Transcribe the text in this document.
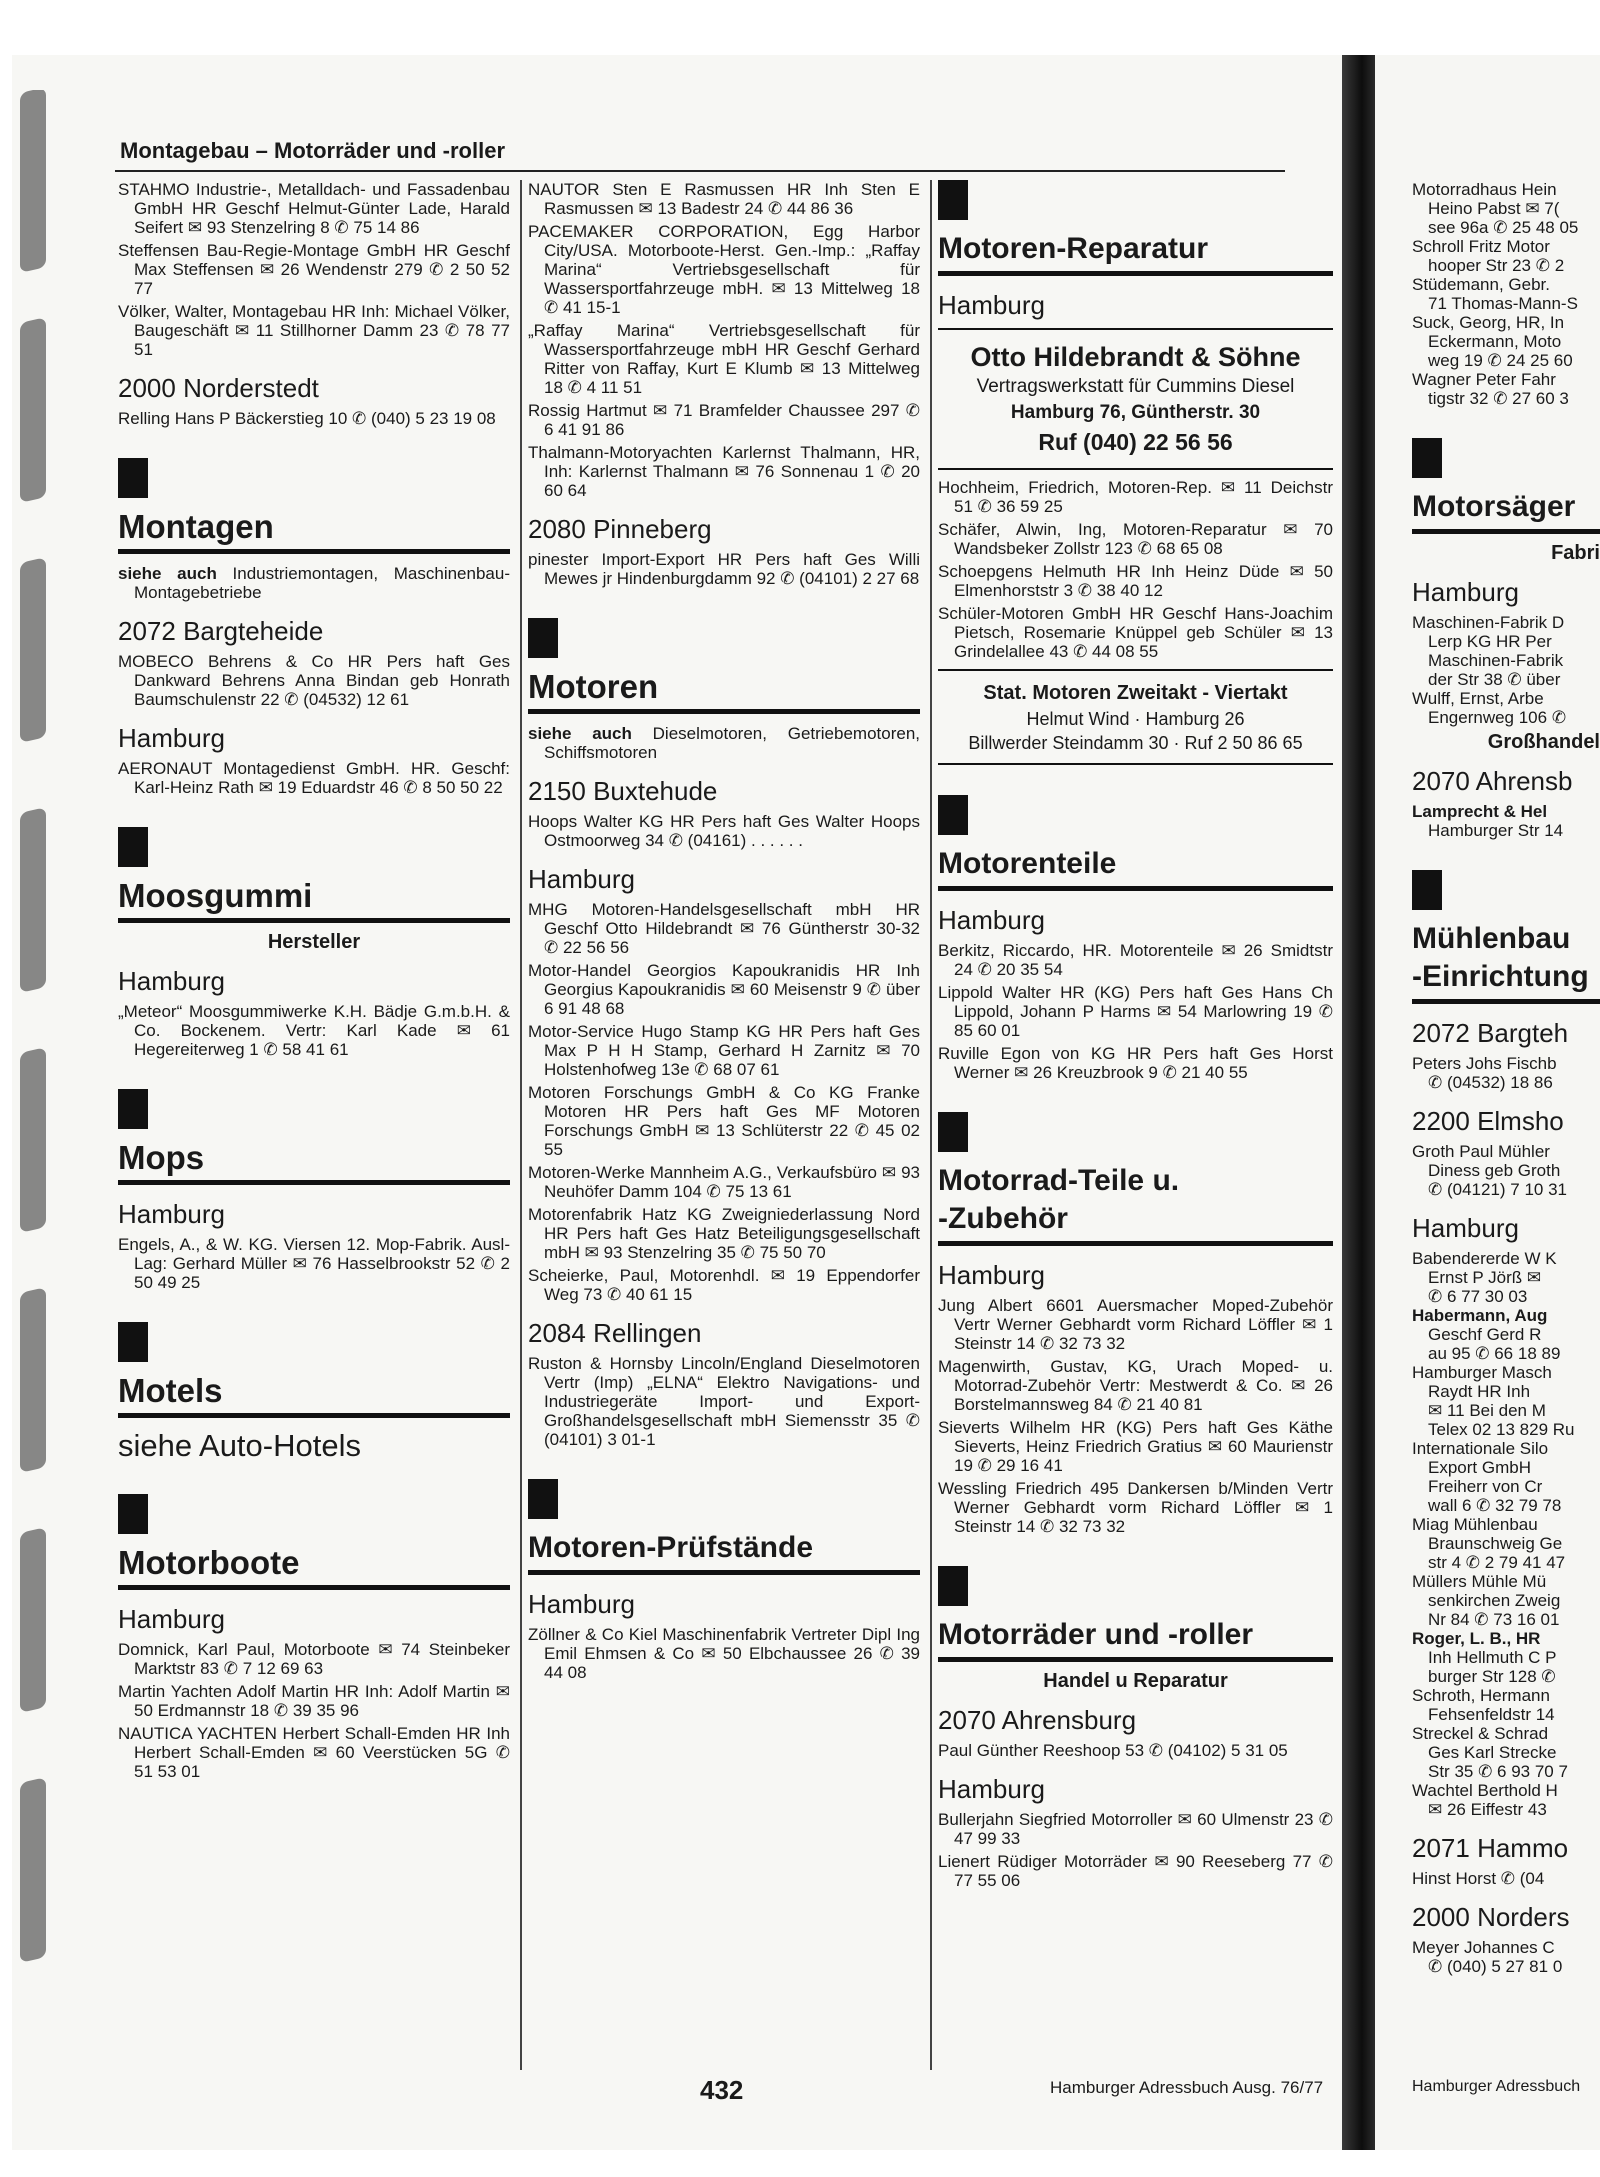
Montagebau – Motorräder und -roller

STAHMO Industrie-, Metalldach- und Fassadenbau GmbH HR Geschf Helmut-Günter Lade, Harald Seifert ✉ 93 Stenzelring 8 ✆ 75 14 86

Steffensen Bau-Regie-Montage GmbH HR Geschf Max Steffensen ✉ 26 Wendenstr 279 ✆ 2 50 52 77

Völker, Walter, Montagebau HR Inh: Michael Völker, Baugeschäft ✉ 11 Stillhorner Damm 23 ✆ 78 77 51

2000 Norderstedt

Relling Hans P Bäckerstieg 10 ✆ (040) 5 23 19 08

Montagen

siehe auch Industriemontagen, Maschinenbau-Montagebetriebe

2072 Bargteheide

MOBECO Behrens & Co HR Pers haft Ges Dankward Behrens Anna Bindan geb Honrath Baumschulenstr 22 ✆ (04532) 12 61

Hamburg

AERONAUT Montagedienst GmbH. HR. Geschf: Karl-Heinz Rath ✉ 19 Eduardstr 46 ✆ 8 50 50 22

Moosgummi
Hersteller
Hamburg

„Meteor“ Moosgummiwerke K.H. Bädje G.m.b.H. & Co. Bockenem. Vertr: Karl Kade ✉ 61 Hegereiterweg 1 ✆ 58 41 61

Mops
Hamburg

Engels, A., & W. KG. Viersen 12. Mop-Fabrik. Ausl-Lag: Gerhard Müller ✉ 76 Hasselbrookstr 52 ✆ 2 50 49 25

Motels
siehe Auto-Hotels
Motorboote
Hamburg

Domnick, Karl Paul, Motorboote ✉ 74 Steinbeker Marktstr 83 ✆ 7 12 69 63

Martin Yachten Adolf Martin HR Inh: Adolf Martin ✉ 50 Erdmannstr 18 ✆ 39 35 96

NAUTICA YACHTEN Herbert Schall-Emden HR Inh Herbert Schall-Emden ✉ 60 Veerstücken 5G ✆ 51 53 01

NAUTOR Sten E Rasmussen HR Inh Sten E Rasmussen ✉ 13 Badestr 24 ✆ 44 86 36

PACEMAKER CORPORATION, Egg Harbor City/USA. Motorboote-Herst. Gen.-Imp.: „Raffay Marina“ Vertriebsgesellschaft für Wassersportfahrzeuge mbH. ✉ 13 Mittelweg 18 ✆ 41 15-1

„Raffay Marina“ Vertriebsgesellschaft für Wassersportfahrzeuge mbH HR Geschf Gerhard Ritter von Raffay, Kurt E Klumb ✉ 13 Mittelweg 18 ✆ 4 11 51

Rossig Hartmut ✉ 71 Bramfelder Chaussee 297 ✆ 6 41 91 86

Thalmann-Motoryachten Karlernst Thalmann, HR, Inh: Karlernst Thalmann ✉ 76 Sonnenau 1 ✆ 20 60 64

2080 Pinneberg

pinester Import-Export HR Pers haft Ges Willi Mewes jr Hindenburgdamm 92 ✆ (04101) 2 27 68

Motoren

siehe auch Dieselmotoren, Getriebemotoren, Schiffsmotoren

2150 Buxtehude

Hoops Walter KG HR Pers haft Ges Walter Hoops Ostmoorweg 34 ✆ (04161) . . . . . .

Hamburg

MHG Motoren-Handelsgesellschaft mbH HR Geschf Otto Hildebrandt ✉ 76 Güntherstr 30-32 ✆ 22 56 56

Motor-Handel Georgios Kapoukranidis HR Inh Georgius Kapoukranidis ✉ 60 Meisenstr 9 ✆ über 6 91 48 68

Motor-Service Hugo Stamp KG HR Pers haft Ges Max P H H Stamp, Gerhard H Zarnitz ✉ 70 Holstenhofweg 13e ✆ 68 07 61

Motoren Forschungs GmbH & Co KG Franke Motoren HR Pers haft Ges MF Motoren Forschungs GmbH ✉ 13 Schlüterstr 22 ✆ 45 02 55

Motoren-Werke Mannheim A.G., Verkaufsbüro ✉ 93 Neuhöfer Damm 104 ✆ 75 13 61

Motorenfabrik Hatz KG Zweigniederlassung Nord HR Pers haft Ges Hatz Beteiligungsgesellschaft mbH ✉ 93 Stenzelring 35 ✆ 75 50 70

Scheierke, Paul, Motorenhdl. ✉ 19 Eppendorfer Weg 73 ✆ 40 61 15

2084 Rellingen

Ruston & Hornsby Lincoln/England Dieselmotoren Vertr (Imp) „ELNA“ Elektro Navigations- und Industriegeräte Import- und Export-Großhandelsgesellschaft mbH Siemensstr 35 ✆ (04101) 3 01-1

Motoren-Prüfstände
Hamburg

Zöllner & Co Kiel Maschinenfabrik Vertreter Dipl Ing Emil Ehmsen & Co ✉ 50 Elbchaussee 26 ✆ 39 44 08

Motoren-Reparatur
Hamburg
Otto Hildebrandt & Söhne
Vertragswerkstatt für Cummins Diesel
Hamburg 76, Güntherstr. 30
Ruf (040) 22 56 56

Hochheim, Friedrich, Motoren-Rep. ✉ 11 Deichstr 51 ✆ 36 59 25

Schäfer, Alwin, Ing, Motoren-Reparatur ✉ 70 Wandsbeker Zollstr 123 ✆ 68 65 08

Schoepgens Helmuth HR Inh Heinz Düde ✉ 50 Elmenhorststr 3 ✆ 38 40 12

Schüler-Motoren GmbH HR Geschf Hans-Joachim Pietsch, Rosemarie Knüppel geb Schüler ✉ 13 Grindelallee 43 ✆ 44 08 55

Stat. Motoren Zweitakt - Viertakt
Helmut Wind · Hamburg 26
Billwerder Steindamm 30 · Ruf 2 50 86 65
Motorenteile
Hamburg

Berkitz, Riccardo, HR. Motorenteile ✉ 26 Smidtstr 24 ✆ 20 35 54

Lippold Walter HR (KG) Pers haft Ges Hans Ch Lippold, Johann P Harms ✉ 54 Marlowring 19 ✆ 85 60 01

Ruville Egon von KG HR Pers haft Ges Horst Werner ✉ 26 Kreuzbrook 9 ✆ 21 40 55

Motorrad-Teile u.
-Zubehör
Hamburg

Jung Albert 6601 Auersmacher Moped-Zubehör Vertr Werner Gebhardt vorm Richard Löffler ✉ 1 Steinstr 14 ✆ 32 73 32

Magenwirth, Gustav, KG, Urach Moped- u. Motorrad-Zubehör Vertr: Mestwerdt & Co. ✉ 26 Borstelmannsweg 84 ✆ 21 40 81

Sieverts Wilhelm HR (KG) Pers haft Ges Käthe Sieverts, Heinz Friedrich Gratius ✉ 60 Maurienstr 19 ✆ 29 16 41

Wessling Friedrich 495 Dankersen b/Minden Vertr Werner Gebhardt vorm Richard Löffler ✉ 1 Steinstr 14 ✆ 32 73 32

Motorräder und -roller
Handel u Reparatur
2070 Ahrensburg

Paul Günther Reeshoop 53 ✆ (04102) 5 31 05

Hamburg

Bullerjahn Siegfried Motorroller ✉ 60 Ulmenstr 23 ✆ 47 99 33

Lienert Rüdiger Motorräder ✉ 90 Reeseberg 77 ✆ 77 55 06

Motorradhaus Hein
Heino Pabst ✉ 7(
see 96a ✆ 25 48 05
Schroll Fritz Motor
hooper Str 23 ✆ 2
Stüdemann, Gebr.
71 Thomas-Mann-S
Suck, Georg, HR, In
Eckermann, Moto
weg 19 ✆ 24 25 60
Wagner Peter Fahr
tigstr 32 ✆ 27 60 3
Motorsäger
Fabri
Hamburg
Maschinen-Fabrik D
Lerp KG HR Per
Maschinen-Fabrik
der Str 38 ✆ über
Wulff, Ernst, Arbe
Engernweg 106 ✆
Großhandel
2070 Ahrensb
Lamprecht & Hel
Hamburger Str 14
Mühlenbau
-Einrichtung
2072 Bargteh
Peters Johs Fischb
✆ (04532) 18 86
2200 Elmsho
Groth Paul Mühler
Diness geb Groth
✆ (04121) 7 10 31
Hamburg
Babendererde W K
Ernst P Jörß ✉
✆ 6 77 30 03
Habermann, Aug
Geschf Gerd R
au 95 ✆ 66 18 89
Hamburger Masch
Raydt HR Inh
✉ 11 Bei den M
Telex 02 13 829 Ru
Internationale Silo
Export GmbH
Freiherr von Cr
wall 6 ✆ 32 79 78
Miag Mühlenbau
Braunschweig Ge
str 4 ✆ 2 79 41 47
Müllers Mühle Mü
senkirchen Zweig
Nr 84 ✆ 73 16 01
Roger, L. B., HR
Inh Hellmuth C P
burger Str 128 ✆
Schroth, Hermann
Fehsenfeldstr 14
Streckel & Schrad
Ges Karl Strecke
Str 35 ✆ 6 93 70 7
Wachtel Berthold H
✉ 26 Eiffestr 43
2071 Hammo
Hinst Horst ✆ (04
2000 Norders
Meyer Johannes C
✆ (040) 5 27 81 0
432	Hamburger Adressbuch Ausg. 76/77	Hamburger Adressbuch
